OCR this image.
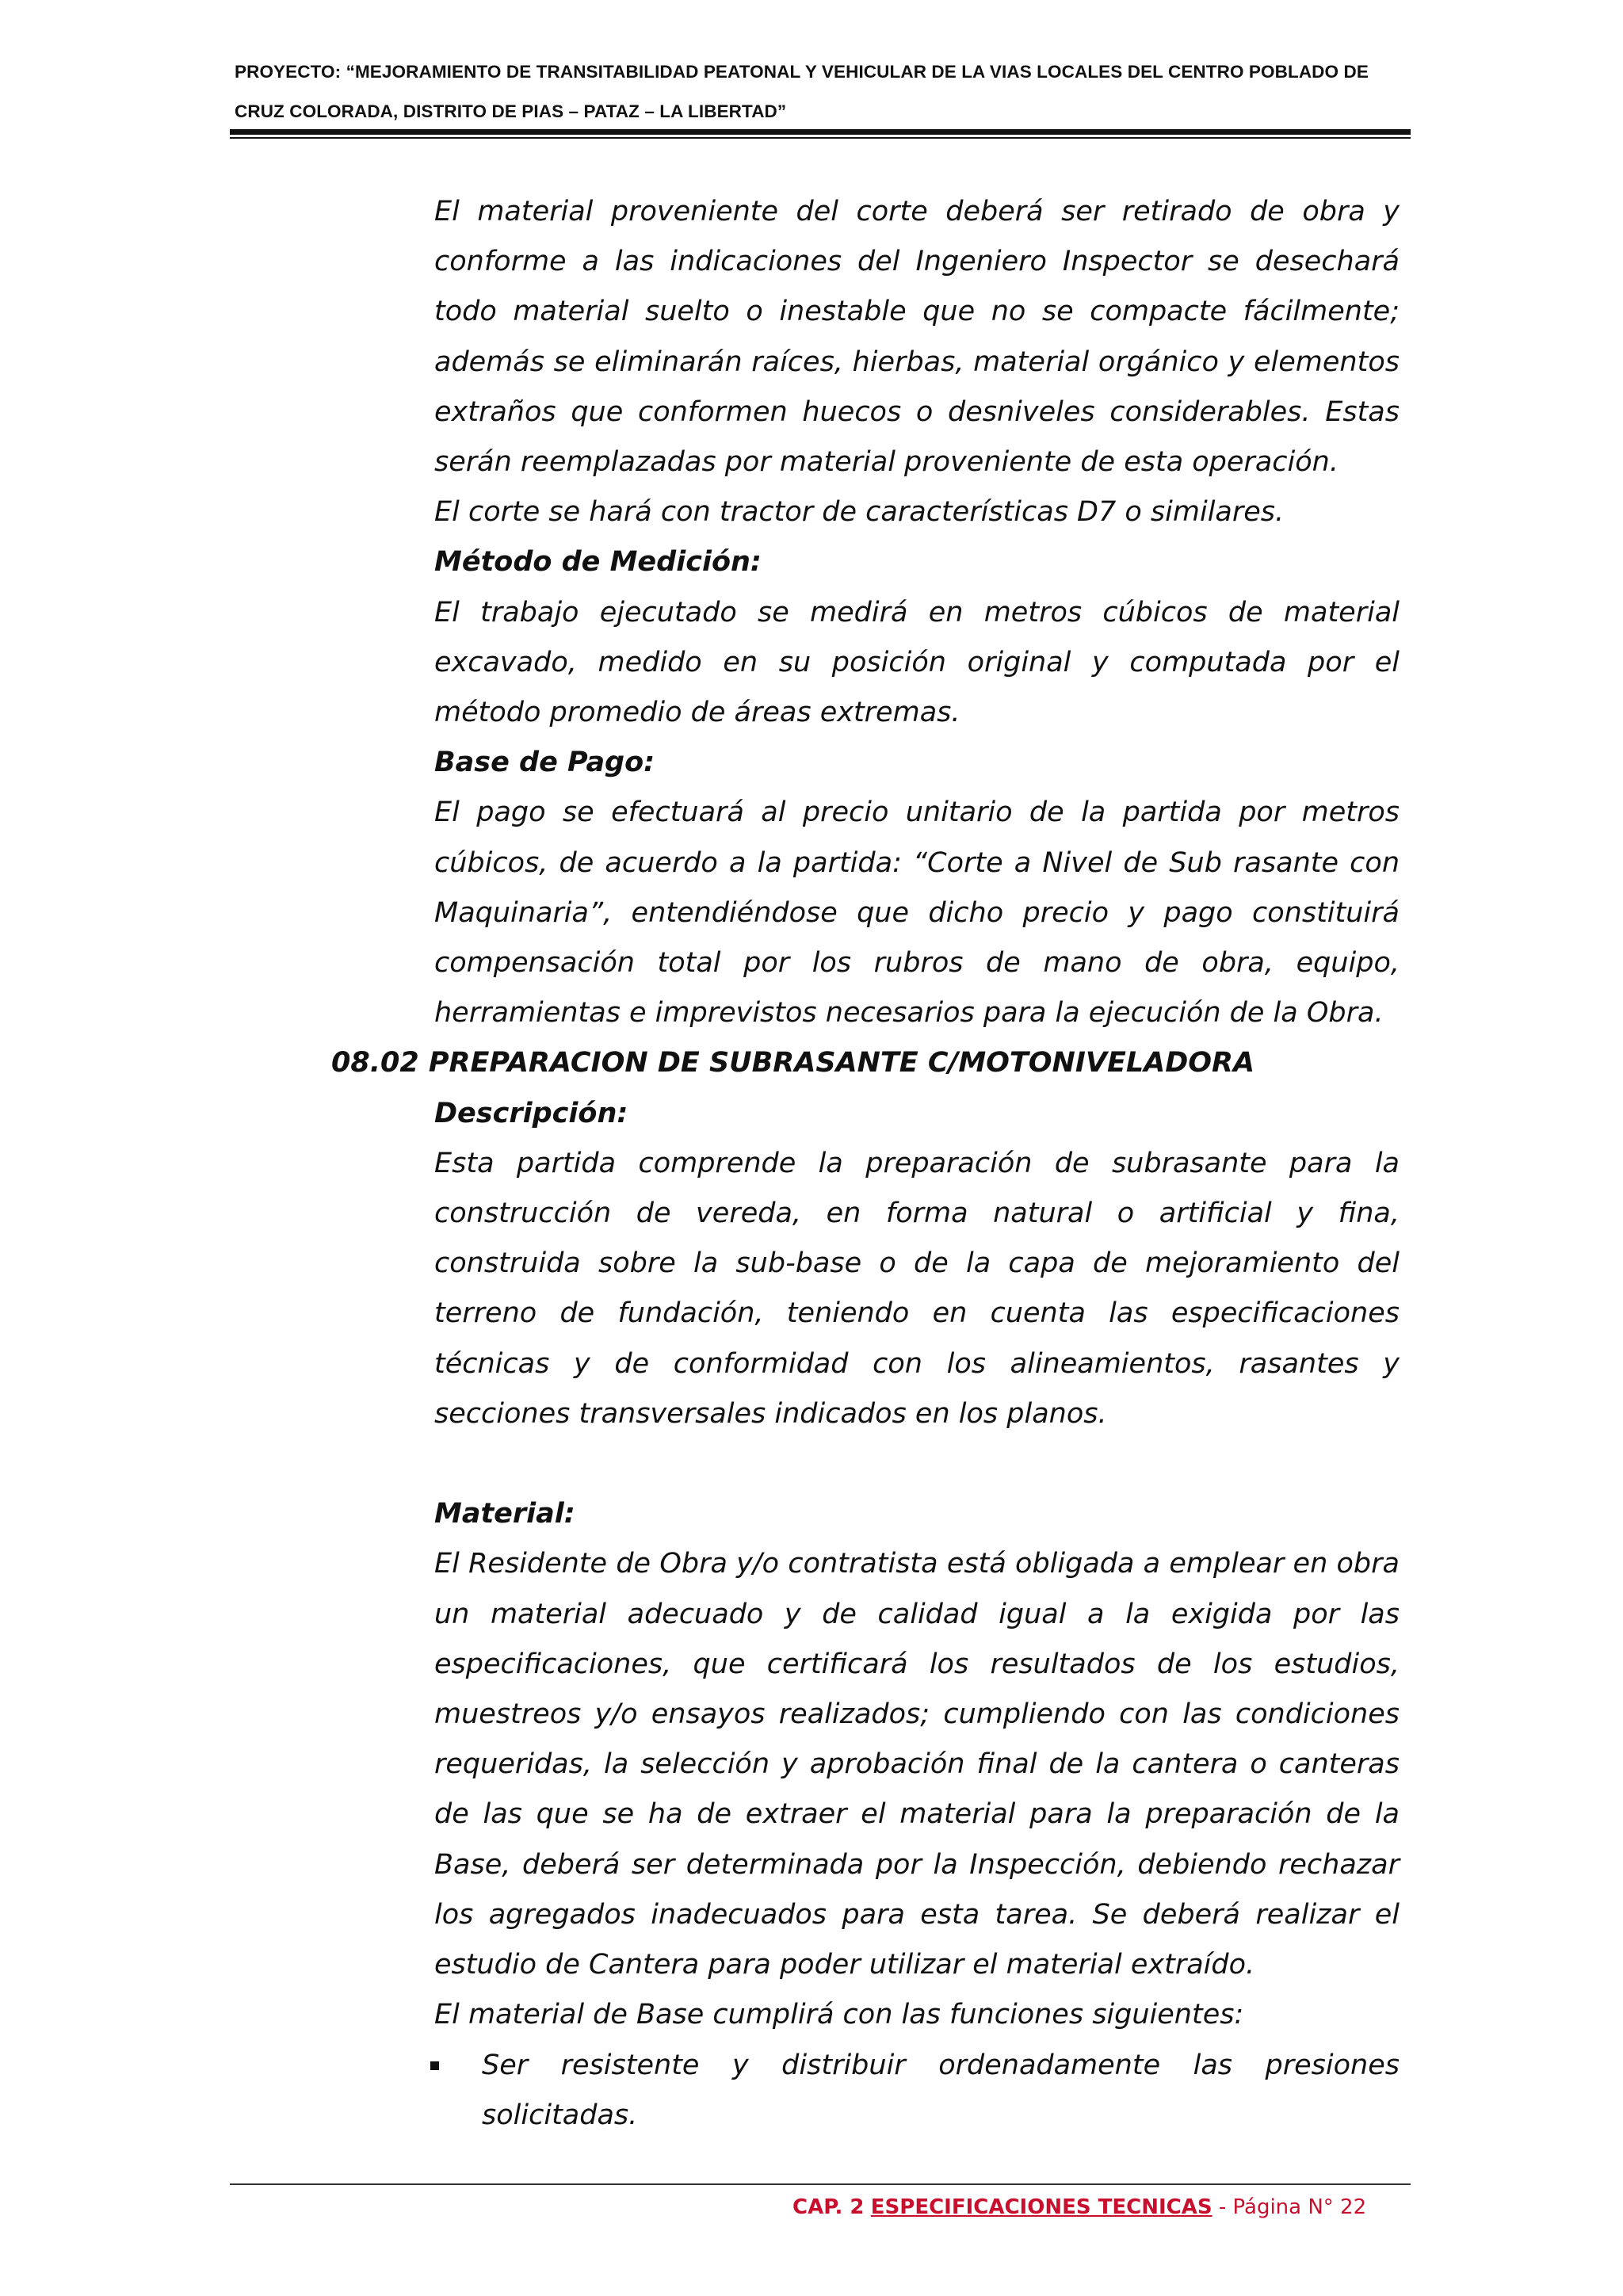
PROYECTO: “MEJORAMIENTO DE TRANSITABILIDAD PEATONAL Y VEHICULAR DE LA VIAS LOCALES DEL CENTRO POBLADO DE
CRUZ COLORADA, DISTRITO DE PIAS – PATAZ – LA LIBERTAD”

El material proveniente del corte deberá ser retirado de obra y conforme a las indicaciones del Ingeniero Inspector se desechará todo material suelto o inestable que no se compacte fácilmente; además se eliminarán raíces, hierbas, material orgánico y elementos extraños que conformen huecos o desniveles considerables. Estas serán reemplazadas por material proveniente de esta operación.

El corte se hará con tractor de características D7 o similares.

Método de Medición:

El trabajo ejecutado se medirá en metros cúbicos de material excavado, medido en su posición original y computada por el método promedio de áreas extremas.

Base de Pago:

El pago se efectuará al precio unitario de la partida por metros cúbicos, de acuerdo a la partida: “Corte a Nivel de Sub rasante con Maquinaria”, entendiéndose que dicho precio y pago constituirá compensación total por los rubros de mano de obra, equipo, herramientas e imprevistos necesarios para la ejecución de la Obra.

08.02 PREPARACION DE SUBRASANTE C/MOTONIVELADORA

Descripción:

Esta partida comprende la preparación de subrasante para la construcción de vereda, en forma natural o artificial y fina, construida sobre la sub-base o de la capa de mejoramiento del terreno de fundación, teniendo en cuenta las especificaciones técnicas y de conformidad con los alineamientos, rasantes y secciones transversales indicados en los planos.

Material:

El Residente de Obra y/o contratista está obligada a emplear en obra un material adecuado y de calidad igual a la exigida por las especificaciones, que certificará los resultados de los estudios, muestreos y/o ensayos realizados; cumpliendo con las condiciones requeridas, la selección y aprobación final de la cantera o canteras de las que se ha de extraer el material para la preparación de la Base, deberá ser determinada por la Inspección, debiendo rechazar los agregados inadecuados para esta tarea. Se deberá realizar el estudio de Cantera para poder utilizar el material extraído.

El material de Base cumplirá con las funciones siguientes:

Ser resistente y distribuir ordenadamente las presiones solicitadas.

CAP. 2 ESPECIFICACIONES TECNICAS - Página N° 22
